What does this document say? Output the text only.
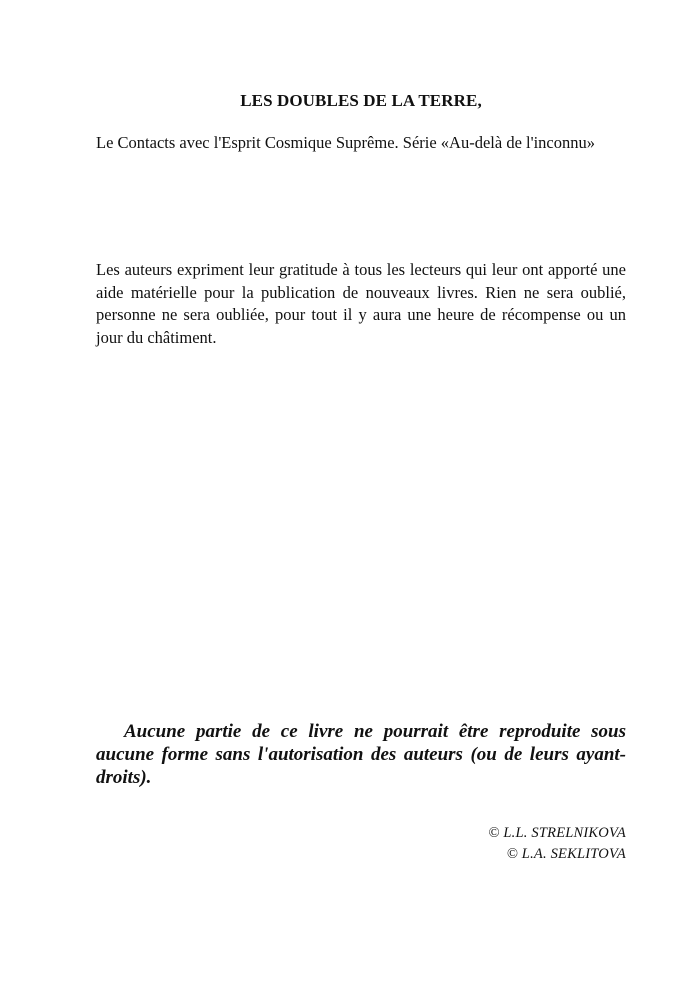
LES DOUBLES DE LA TERRE,
Le Contacts avec l'Esprit Cosmique Suprême. Série «Au-delà de l'inconnu»
Les auteurs expriment leur gratitude à tous les lecteurs qui leur ont apporté une aide matérielle pour la publication de nouveaux livres. Rien ne sera oublié, personne ne sera oubliée, pour tout il y aura une heure de récompense ou un jour du châtiment.
Aucune partie de ce livre ne pourrait être reproduite sous aucune forme sans l'autorisation des auteurs (ou de leurs ayant-droits).
© L.L. STRELNIKOVA
© L.A. SEKLITOVA
